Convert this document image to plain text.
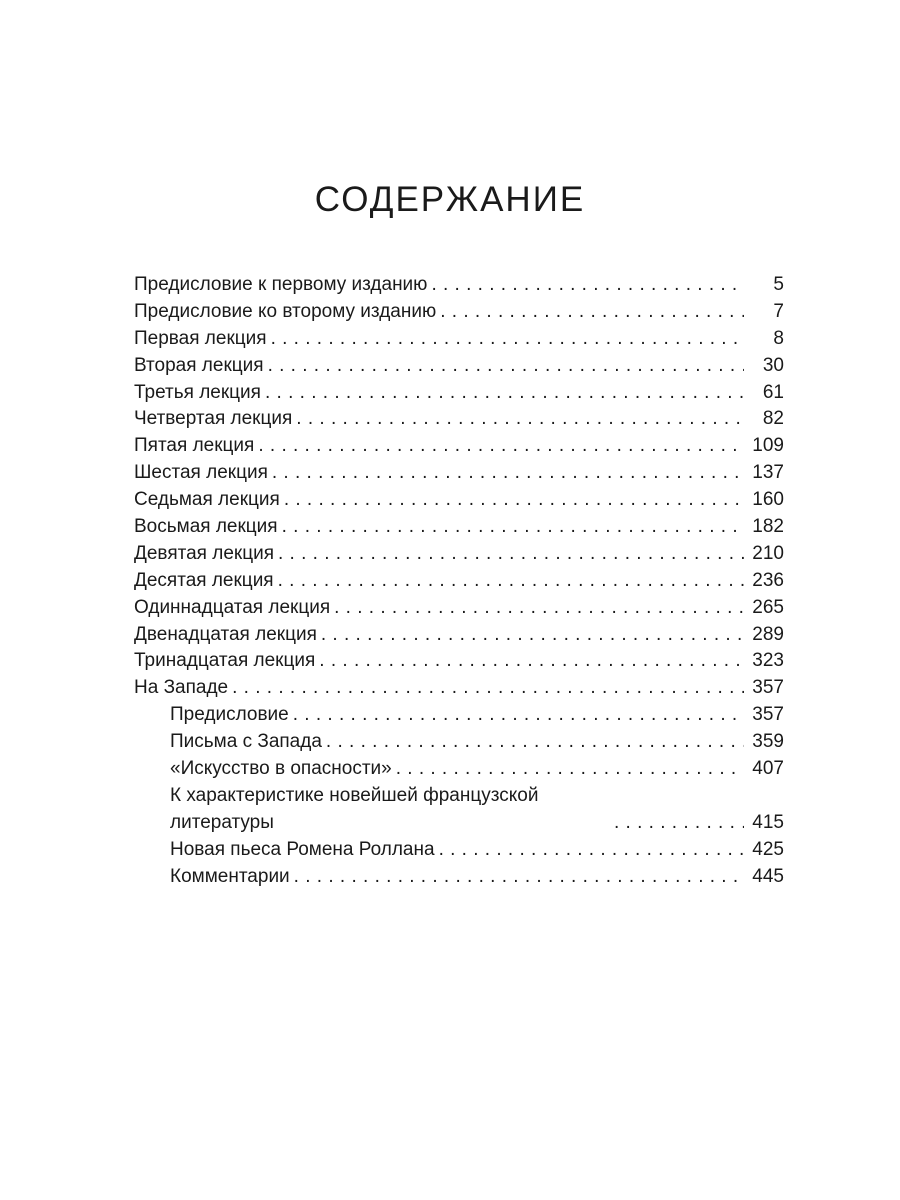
СОДЕРЖАНИЕ
Предисловие к первому изданию . . .	5
Предисловие ко второму изданию . . .	7
Первая лекция . . .	8
Вторая лекция . . .	30
Третья лекция . . .	61
Четвертая лекция . . .	82
Пятая лекция . . .	109
Шестая лекция . . .	137
Седьмая лекция . . .	160
Восьмая лекция . . .	182
Девятая лекция . . .	210
Десятая лекция . . .	236
Одиннадцатая лекция . . .	265
Двенадцатая лекция . . .	289
Тринадцатая лекция . . .	323
На Западе . . .	357
Предисловие . . .	357
Письма с Запада . . .	359
«Искусство в опасности» . . .	407
К характеристике новейшей французской литературы . . .	415
Новая пьеса Ромена Роллана . . .	425
Комментарии . . .	445
